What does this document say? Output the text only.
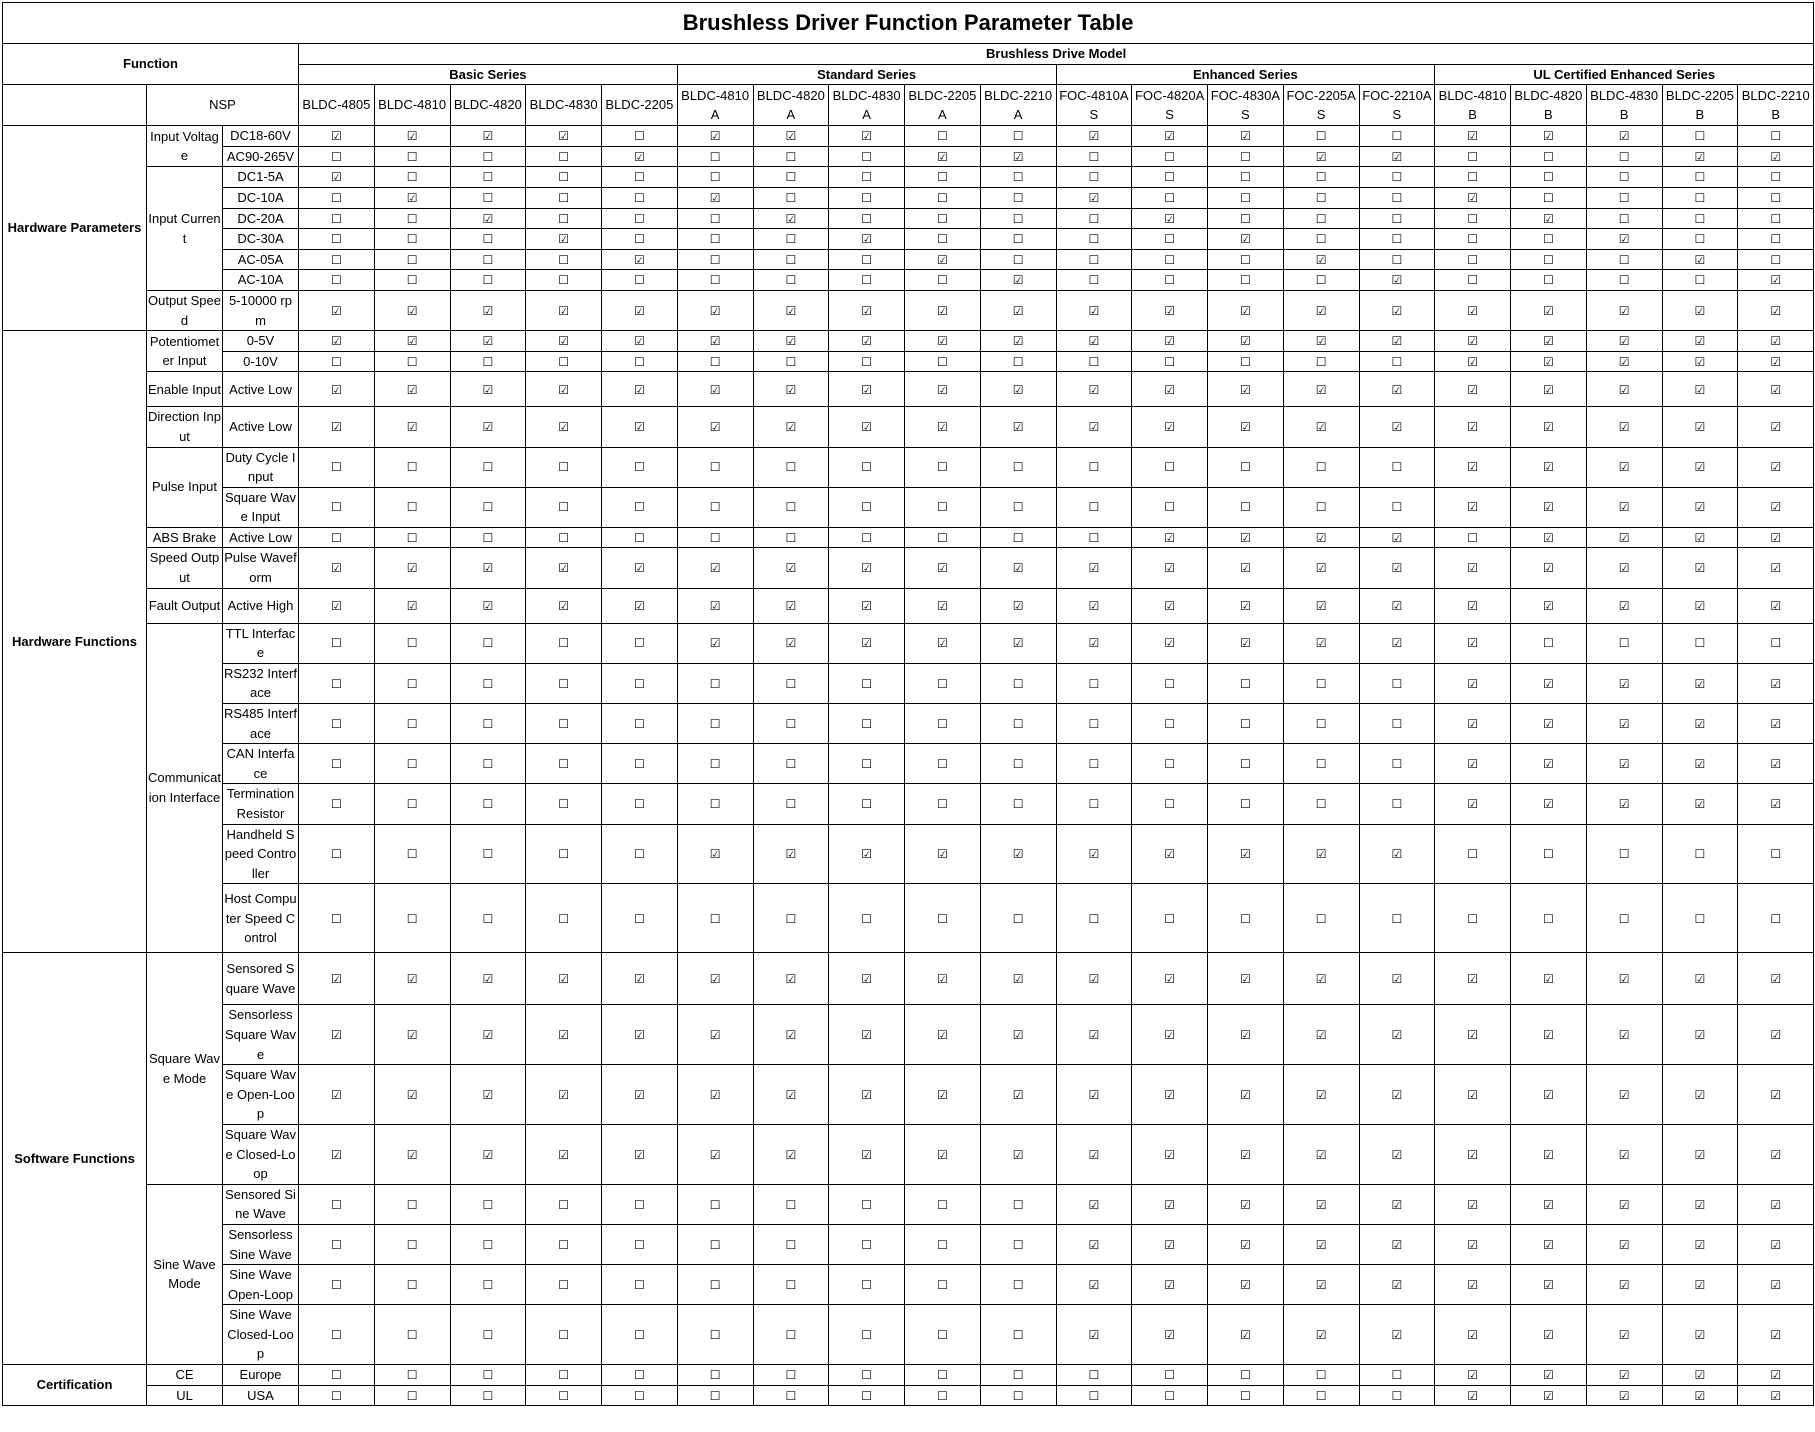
Brushless Driver Function Parameter Table																						
Function			Brushless Drive Model																			
			Basic Series					Standard Series					Enhanced Series					UL Certified Enhanced Series				
	NSP		BLDC-4805	BLDC-4810	BLDC-4820	BLDC-4830	BLDC-2205	BLDC-4810A	BLDC-4820A	BLDC-4830A	BLDC-2205A	BLDC-2210A	FOC-4810AS	FOC-4820AS	FOC-4830AS	FOC-2205AS	FOC-2210AS	BLDC-4810B	BLDC-4820B	BLDC-4830B	BLDC-2205B	BLDC-2210B
Hardware Parameters	Input Voltage	DC18-60V	☑	☑	☑	☑	☐	☑	☑	☑	☐	☐	☑	☑	☑	☐	☐	☑	☑	☑	☐	☐
		AC90-265V	☐	☐	☐	☐	☑	☐	☐	☐	☑	☑	☐	☐	☐	☑	☑	☐	☐	☐	☑	☑
	Input Current	DC1-5A	☑	☐	☐	☐	☐	☐	☐	☐	☐	☐	☐	☐	☐	☐	☐	☐	☐	☐	☐	☐
		DC-10A	☐	☑	☐	☐	☐	☑	☐	☐	☐	☐	☑	☐	☐	☐	☐	☑	☐	☐	☐	☐
		DC-20A	☐	☐	☑	☐	☐	☐	☑	☐	☐	☐	☐	☑	☐	☐	☐	☐	☑	☐	☐	☐
		DC-30A	☐	☐	☐	☑	☐	☐	☐	☑	☐	☐	☐	☐	☑	☐	☐	☐	☐	☑	☐	☐
		AC-05A	☐	☐	☐	☐	☑	☐	☐	☐	☑	☐	☐	☐	☐	☑	☐	☐	☐	☐	☑	☐
		AC-10A	☐	☐	☐	☐	☐	☐	☐	☐	☐	☑	☐	☐	☐	☐	☑	☐	☐	☐	☐	☑
	Output Speed	5-10000 rpm	☑	☑	☑	☑	☑	☑	☑	☑	☑	☑	☑	☑	☑	☑	☑	☑	☑	☑	☑	☑
Hardware Functions	Potentiometer Input	0-5V	☑	☑	☑	☑	☑	☑	☑	☑	☑	☑	☑	☑	☑	☑	☑	☑	☑	☑	☑	☑
		0-10V	☐	☐	☐	☐	☐	☐	☐	☐	☐	☐	☐	☐	☐	☐	☐	☑	☑	☑	☑	☑
	Enable Input	Active Low	☑	☑	☑	☑	☑	☑	☑	☑	☑	☑	☑	☑	☑	☑	☑	☑	☑	☑	☑	☑
	Direction Input	Active Low	☑	☑	☑	☑	☑	☑	☑	☑	☑	☑	☑	☑	☑	☑	☑	☑	☑	☑	☑	☑
	Pulse Input	Duty Cycle Input	☐	☐	☐	☐	☐	☐	☐	☐	☐	☐	☐	☐	☐	☐	☐	☑	☑	☑	☑	☑
		Square Wave Input	☐	☐	☐	☐	☐	☐	☐	☐	☐	☐	☐	☐	☐	☐	☐	☑	☑	☑	☑	☑
	ABS Brake	Active Low	☐	☐	☐	☐	☐	☐	☐	☐	☐	☐	☐	☑	☑	☑	☑	☐	☑	☑	☑	☑
	Speed Output	Pulse Waveform	☑	☑	☑	☑	☑	☑	☑	☑	☑	☑	☑	☑	☑	☑	☑	☑	☑	☑	☑	☑
	Fault Output	Active High	☑	☑	☑	☑	☑	☑	☑	☑	☑	☑	☑	☑	☑	☑	☑	☑	☑	☑	☑	☑
	Communication Interface	TTL Interface	☐	☐	☐	☐	☐	☑	☑	☑	☑	☑	☑	☑	☑	☑	☑	☑	☐	☐	☐	☐
		RS232 Interface	☐	☐	☐	☐	☐	☐	☐	☐	☐	☐	☐	☐	☐	☐	☐	☑	☑	☑	☑	☑
		RS485 Interface	☐	☐	☐	☐	☐	☐	☐	☐	☐	☐	☐	☐	☐	☐	☐	☑	☑	☑	☑	☑
		CAN Interface	☐	☐	☐	☐	☐	☐	☐	☐	☐	☐	☐	☐	☐	☐	☐	☑	☑	☑	☑	☑
		Termination Resistor	☐	☐	☐	☐	☐	☐	☐	☐	☐	☐	☐	☐	☐	☐	☐	☑	☑	☑	☑	☑
		Handheld Speed Controller	☐	☐	☐	☐	☐	☑	☑	☑	☑	☑	☑	☑	☑	☑	☑	☐	☐	☐	☐	☐
		Host Computer Speed Control	☐	☐	☐	☐	☐	☐	☐	☐	☐	☐	☐	☐	☐	☐	☐	☐	☐	☐	☐	☐
Software Functions	Square Wave Mode	Sensored Square Wave	☑	☑	☑	☑	☑	☑	☑	☑	☑	☑	☑	☑	☑	☑	☑	☑	☑	☑	☑	☑
		Sensorless Square Wave	☑	☑	☑	☑	☑	☑	☑	☑	☑	☑	☑	☑	☑	☑	☑	☑	☑	☑	☑	☑
		Square Wave Open-Loop	☑	☑	☑	☑	☑	☑	☑	☑	☑	☑	☑	☑	☑	☑	☑	☑	☑	☑	☑	☑
		Square Wave Closed-Loop	☑	☑	☑	☑	☑	☑	☑	☑	☑	☑	☑	☑	☑	☑	☑	☑	☑	☑	☑	☑
	Sine Wave Mode	Sensored Sine Wave	☐	☐	☐	☐	☐	☐	☐	☐	☐	☐	☑	☑	☑	☑	☑	☑	☑	☑	☑	☑
		Sensorless Sine Wave	☐	☐	☐	☐	☐	☐	☐	☐	☐	☐	☑	☑	☑	☑	☑	☑	☑	☑	☑	☑
		Sine Wave Open-Loop	☐	☐	☐	☐	☐	☐	☐	☐	☐	☐	☑	☑	☑	☑	☑	☑	☑	☑	☑	☑
		Sine Wave Closed-Loop	☐	☐	☐	☐	☐	☐	☐	☐	☐	☐	☑	☑	☑	☑	☑	☑	☑	☑	☑	☑
Certification	CE	Europe	☐	☐	☐	☐	☐	☐	☐	☐	☐	☐	☐	☐	☐	☐	☐	☑	☑	☑	☑	☑
	UL	USA	☐	☐	☐	☐	☐	☐	☐	☐	☐	☐	☐	☐	☐	☐	☐	☑	☑	☑	☑	☑
